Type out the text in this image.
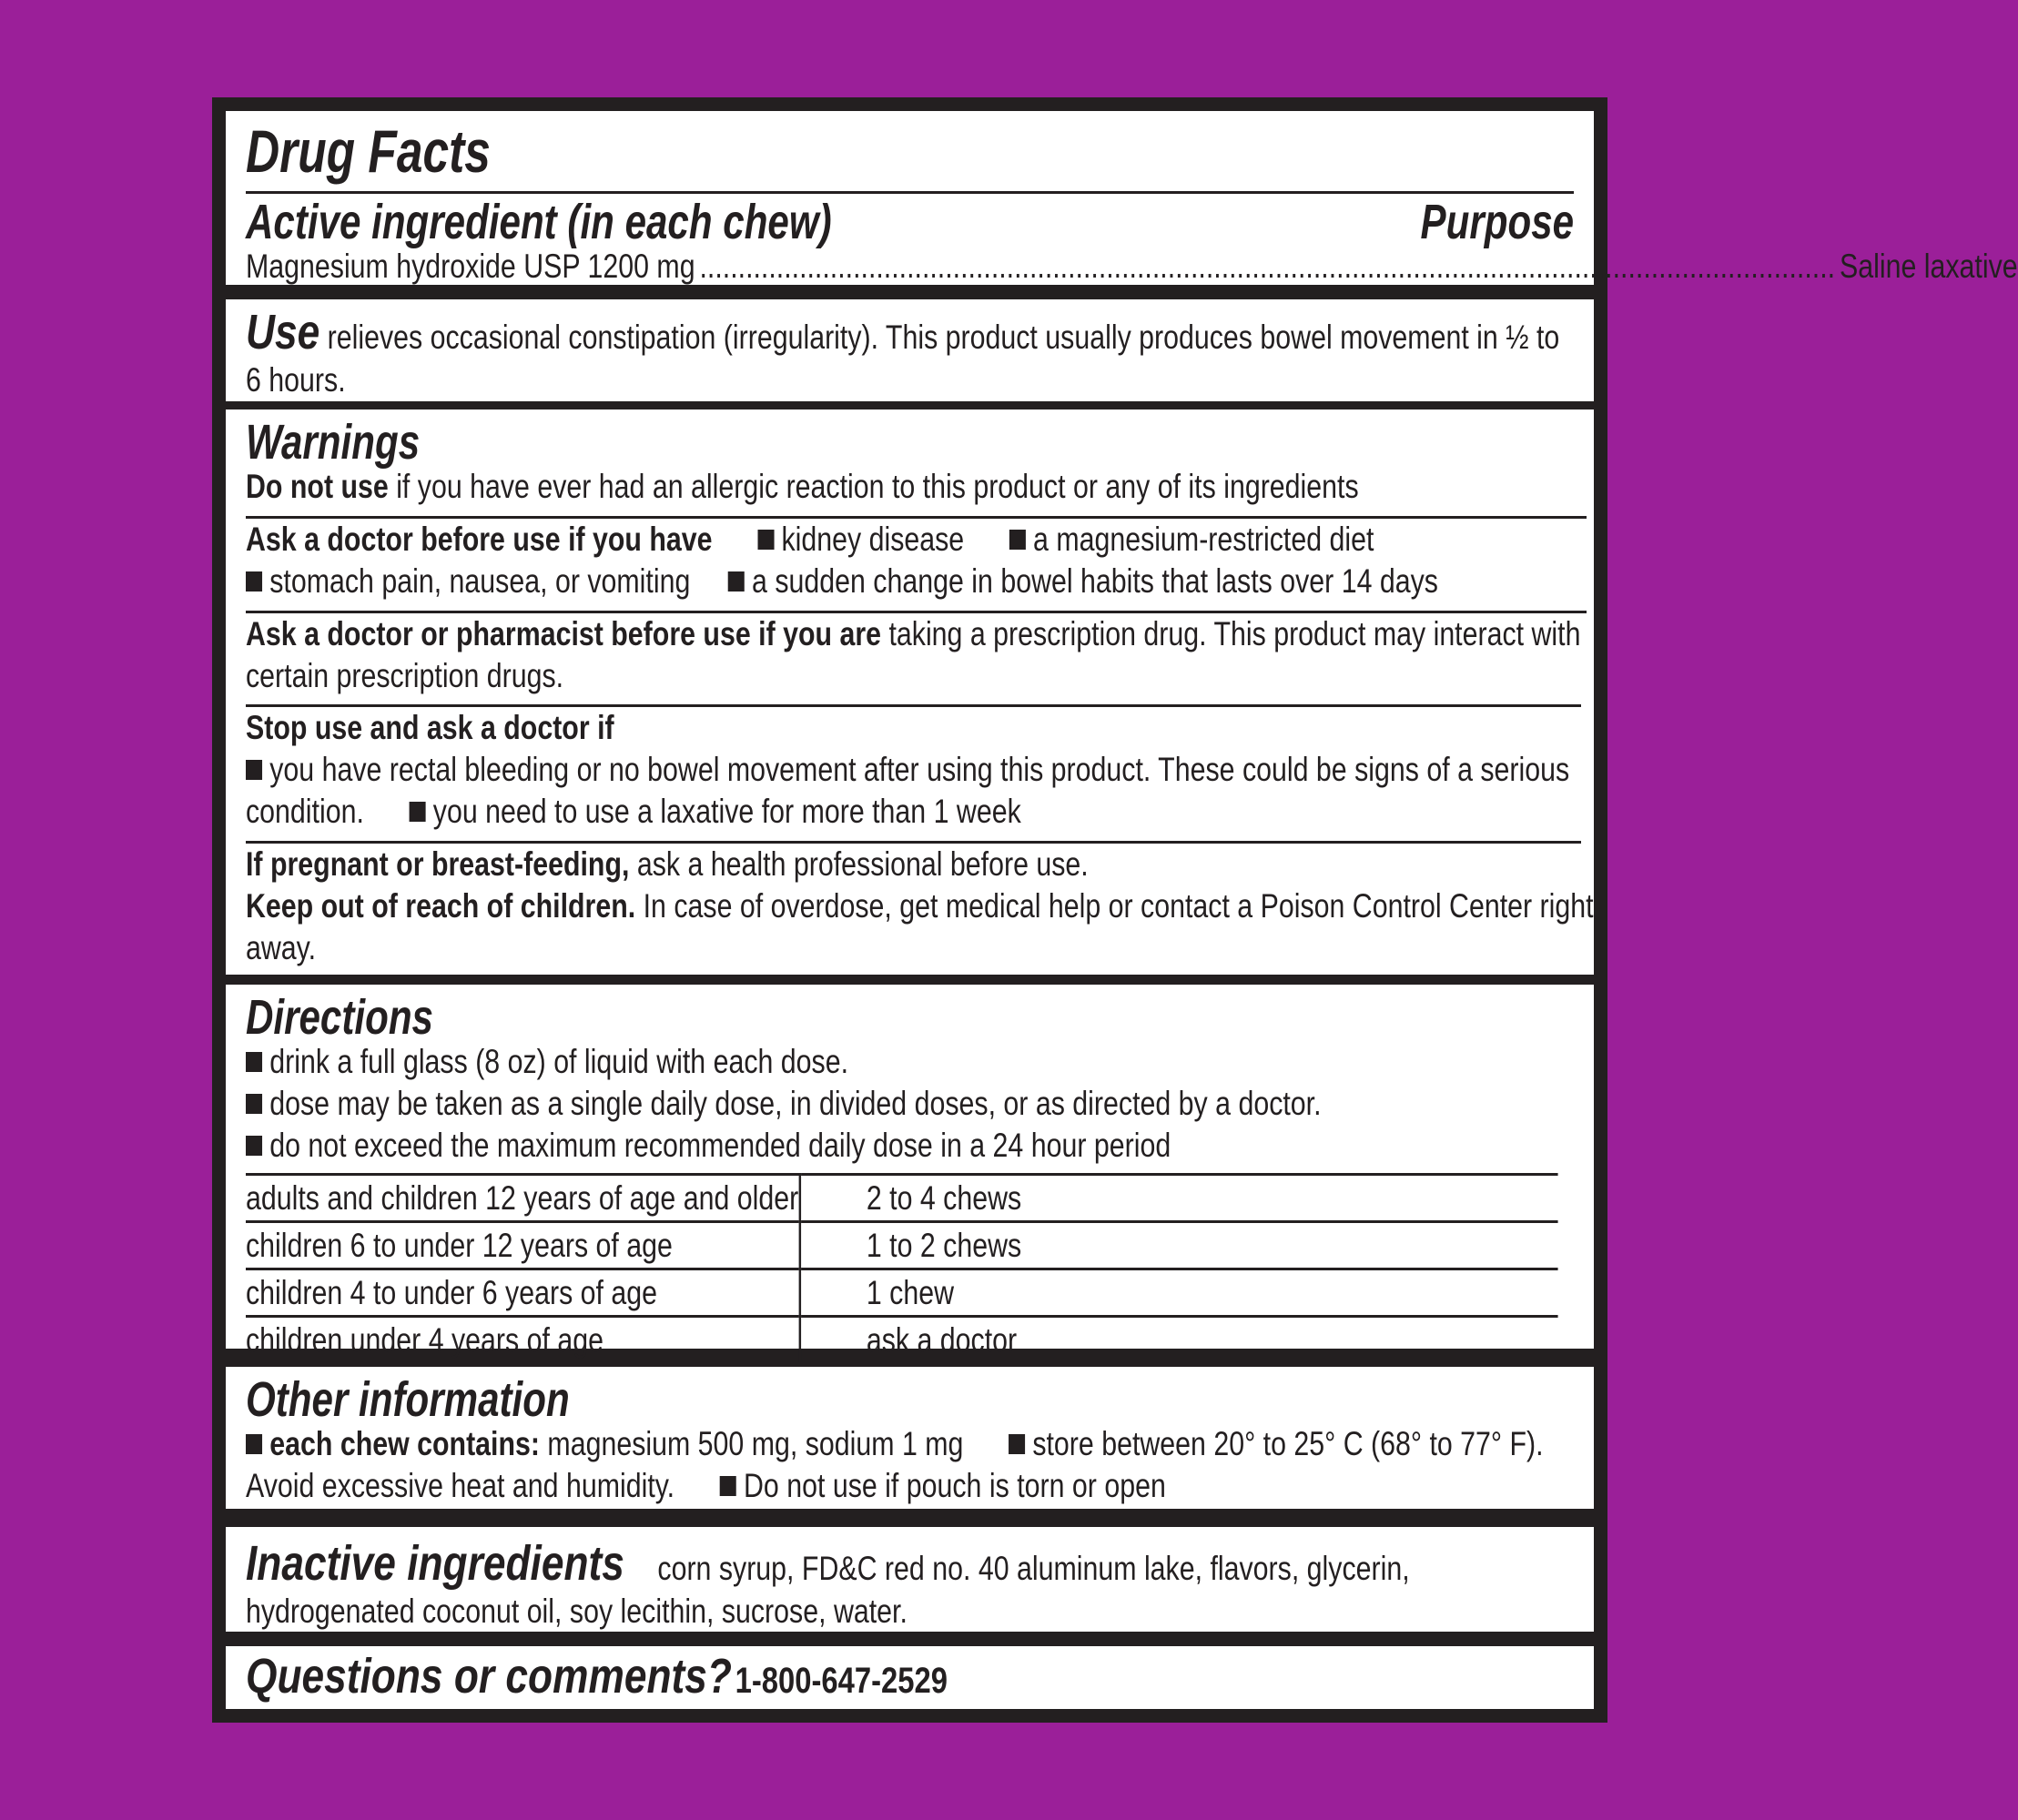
Drug Facts
Active ingredient (in each chew)	Purpose
Magnesium hydroxide USP 1200 mg .................................................................................................................................................... Saline laxative
Use relieves occasional constipation (irregularity). This product usually produces bowel movement in ½ to 6 hours.
Warnings
Do not use if you have ever had an allergic reaction to this product or any of its ingredients
Ask a doctor before use if you have kidney disease a magnesium-restricted diet
stomach pain, nausea, or vomiting a sudden change in bowel habits that lasts over 14 days
Ask a doctor or pharmacist before use if you are taking a prescription drug. This product may interact with certain prescription drugs.
Stop use and ask a doctor if
you have rectal bleeding or no bowel movement after using this product. These could be signs of a serious condition. you need to use a laxative for more than 1 week
If pregnant or breast-feeding, ask a health professional before use.
Keep out of reach of children. In case of overdose, get medical help or contact a Poison Control Center right away.
Directions
drink a full glass (8 oz) of liquid with each dose.
dose may be taken as a single daily dose, in divided doses, or as directed by a doctor.
do not exceed the maximum recommended daily dose in a 24 hour period
adults and children 12 years of age and older	2 to 4 chews
children 6 to under 12 years of age	1 to 2 chews
children 4 to under 6 years of age	1 chew
children under 4 years of age	ask a doctor
Other information
each chew contains: magnesium 500 mg, sodium 1 mg store between 20° to 25° C (68° to 77° F). Avoid excessive heat and humidity. Do not use if pouch is torn or open
Inactive ingredients corn syrup, FD&C red no. 40 aluminum lake, flavors, glycerin, hydrogenated coconut oil, soy lecithin, sucrose, water.
Questions or comments? 1-800-647-2529
